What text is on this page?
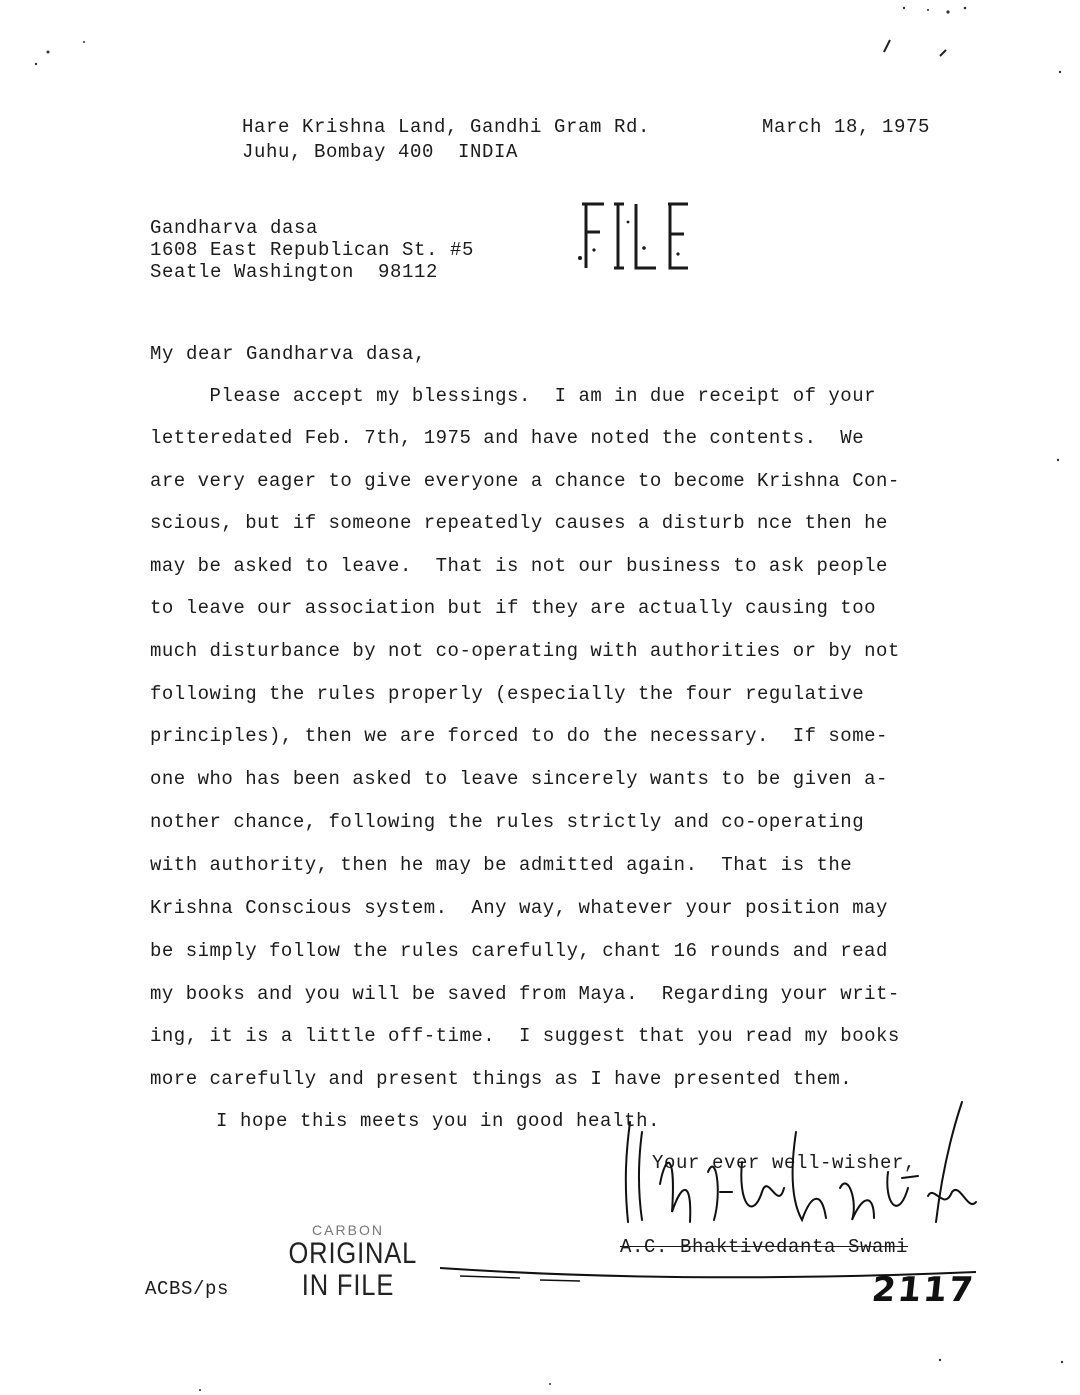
Hare Krishna Land, Gandhi Gram Rd.
Juhu, Bombay 400  INDIA
March 18, 1975
Gandharva dasa
1608 East Republican St. #5
Seatle Washington  98112
My dear Gandharva dasa,
Please accept my blessings.  I am in due receipt of your
letteredated Feb. 7th, 1975 and have noted the contents.  We
are very eager to give everyone a chance to become Krishna Con-
scious, but if someone repeatedly causes a disturb nce then he
may be asked to leave.  That is not our business to ask people
to leave our association but if they are actually causing too
much disturbance by not co-operating with authorities or by not
following the rules properly (especially the four regulative
principles), then we are forced to do the necessary.  If some-
one who has been asked to leave sincerely wants to be given a-
nother chance, following the rules strictly and co-operating
with authority, then he may be admitted again.  That is the
Krishna Conscious system.  Any way, whatever your position may
be simply follow the rules carefully, chant 16 rounds and read
my books and you will be saved from Maya.  Regarding your writ-
ing, it is a little off-time.  I suggest that you read my books
more carefully and present things as I have presented them.
I hope this meets you in good health.
Your ever well-wisher,
A.C. Bhaktivedanta Swami
ACBS/ps
CARBON
ORIGINAL
IN FILE	2117
